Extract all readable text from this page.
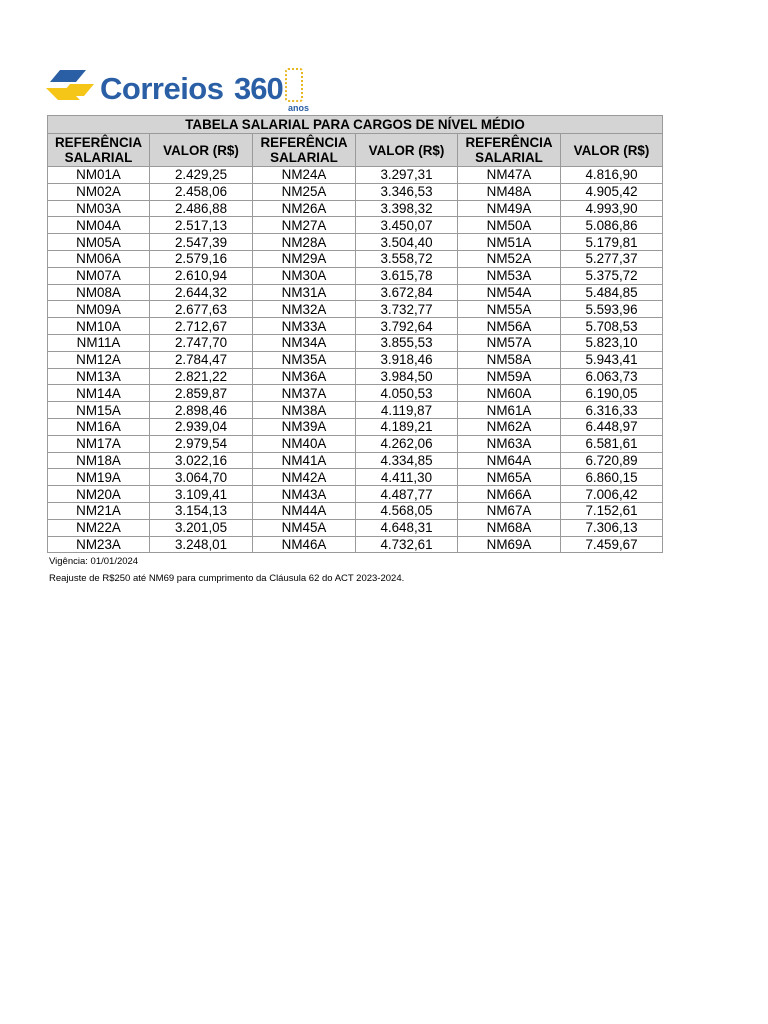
Correios 360
anos
TABELA SALARIAL PARA CARGOS DE NÍVEL MÉDIO					
REFERÊNCIA SALARIAL	VALOR (R$)	REFERÊNCIA SALARIAL	VALOR (R$)	REFERÊNCIA SALARIAL	VALOR (R$)
NM01A	2.429,25	NM24A	3.297,31	NM47A	4.816,90
NM02A	2.458,06	NM25A	3.346,53	NM48A	4.905,42
NM03A	2.486,88	NM26A	3.398,32	NM49A	4.993,90
NM04A	2.517,13	NM27A	3.450,07	NM50A	5.086,86
NM05A	2.547,39	NM28A	3.504,40	NM51A	5.179,81
NM06A	2.579,16	NM29A	3.558,72	NM52A	5.277,37
NM07A	2.610,94	NM30A	3.615,78	NM53A	5.375,72
NM08A	2.644,32	NM31A	3.672,84	NM54A	5.484,85
NM09A	2.677,63	NM32A	3.732,77	NM55A	5.593,96
NM10A	2.712,67	NM33A	3.792,64	NM56A	5.708,53
NM11A	2.747,70	NM34A	3.855,53	NM57A	5.823,10
NM12A	2.784,47	NM35A	3.918,46	NM58A	5.943,41
NM13A	2.821,22	NM36A	3.984,50	NM59A	6.063,73
NM14A	2.859,87	NM37A	4.050,53	NM60A	6.190,05
NM15A	2.898,46	NM38A	4.119,87	NM61A	6.316,33
NM16A	2.939,04	NM39A	4.189,21	NM62A	6.448,97
NM17A	2.979,54	NM40A	4.262,06	NM63A	6.581,61
NM18A	3.022,16	NM41A	4.334,85	NM64A	6.720,89
NM19A	3.064,70	NM42A	4.411,30	NM65A	6.860,15
NM20A	3.109,41	NM43A	4.487,77	NM66A	7.006,42
NM21A	3.154,13	NM44A	4.568,05	NM67A	7.152,61
NM22A	3.201,05	NM45A	4.648,31	NM68A	7.306,13
NM23A	3.248,01	NM46A	4.732,61	NM69A	7.459,67
Vigência: 01/01/2024
Reajuste de R$250 até NM69 para cumprimento da Cláusula 62 do ACT 2023-2024.
